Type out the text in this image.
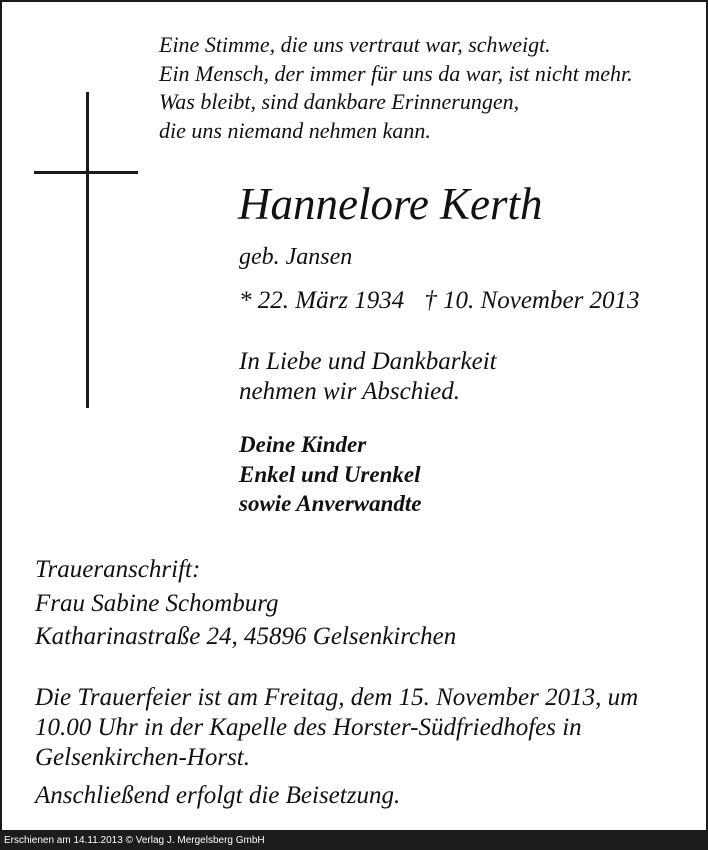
Eine Stimme, die uns vertraut war, schweigt.
Ein Mensch, der immer für uns da war, ist nicht mehr.
Was bleibt, sind dankbare Erinnerungen,
die uns niemand nehmen kann.
Hannelore Kerth
geb. Jansen
* 22. März 1934 † 10. November 2013
In Liebe und Dankbarkeit
nehmen wir Abschied.
Deine Kinder
Enkel und Urenkel
sowie Anverwandte
Traueranschrift:
Frau Sabine Schomburg
Katharinastraße 24, 45896 Gelsenkirchen
Die Trauerfeier ist am Freitag, dem 15. November 2013, um
10.00 Uhr in der Kapelle des Horster-Südfriedhofes in
Gelsenkirchen-Horst.
Anschließend erfolgt die Beisetzung.
Erschienen am 14.11.2013 © Verlag J. Mergelsberg GmbH
